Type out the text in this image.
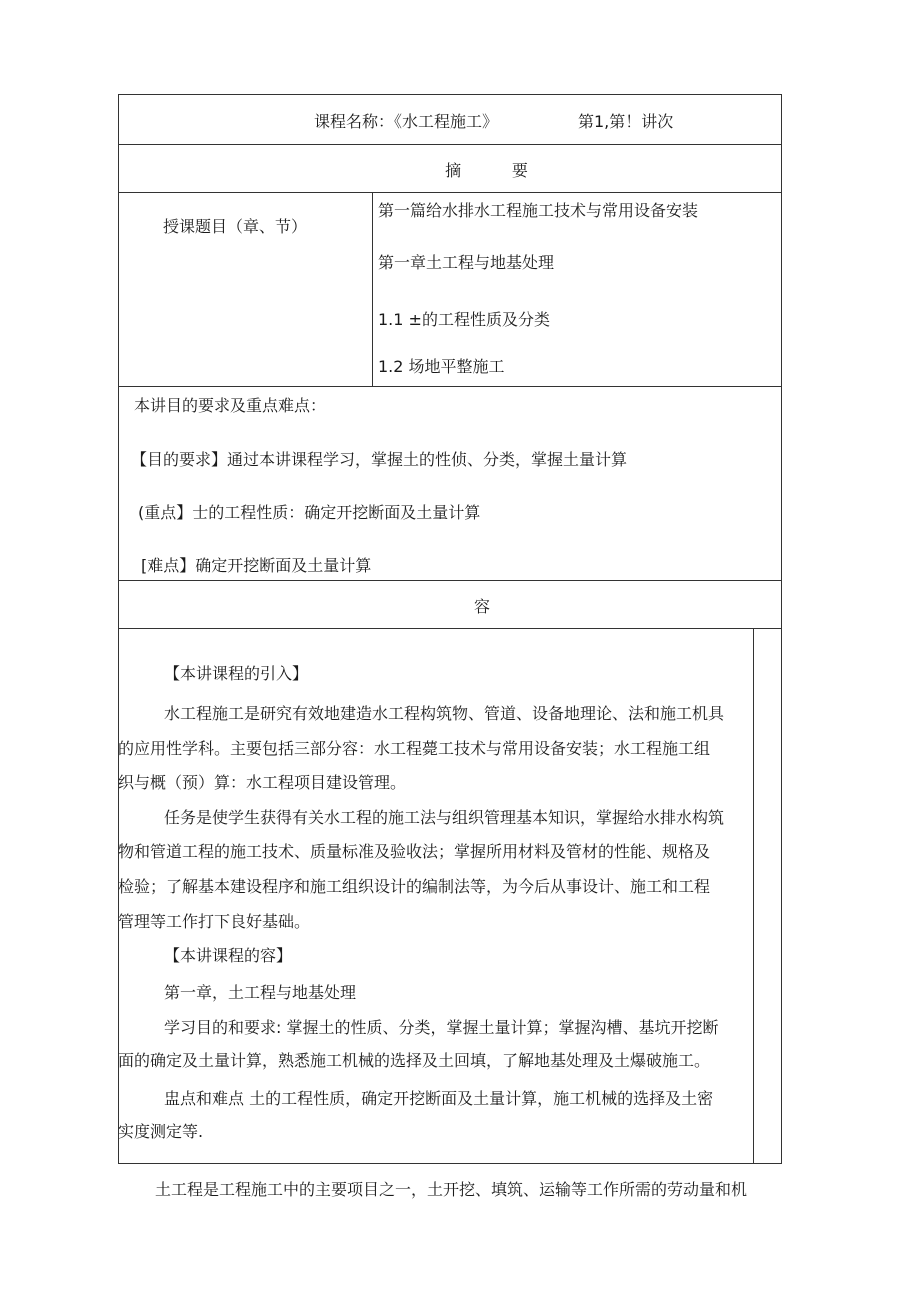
课程名称：《水工程施工》	第1,第！讲次
摘          要
授课题目（章、节）
第一篇给水排水工程施工技术与常用设备安装
第一章土工程与地基处理
1.1 ±的工程性质及分类
1.2 场地平整施工
本讲目的要求及重点难点：
【目的要求】通过本讲课程学习，掌握土的性侦、分类，掌握土量计算
(重点】士的工程性质：确定开挖断面及土量计算
[难点】确定开挖断面及土量计算
容
【本讲课程的引入】
水工程施工是研究有效地建造水工程构筑物、管道、设备地理论、法和施工机具
的应用性学科。主要包括三部分容：水工程薨工技术与常用设备安装；水工程施工组
织与概（预）算：水工程项目建设管理。
任务是使学生获得有关水工程的施工法与组织管理基本知识，掌握给水排水构筑
物和管道工程的施工技术、质量标准及验收法；掌握所用材料及管材的性能、规格及
检验；了解基本建设程序和施工组织设计的编制法等，为今后从事设计、施工和工程
管理等工作打下良好基础。
【本讲课程的容】
第一章，土工程与地基处理
学习目的和要求: 掌握土的性质、分类，掌握土量计算；掌握沟槽、基坑开挖断
面的确定及土量计算，熟悉施工机械的选择及土回填，了解地基处理及土爆破施工。
盅点和难点 土的工程性质，确定开挖断面及土量计算，施工机械的选择及土密
实度测定等.
土工程是工程施工中的主要项目之一，土开挖、填筑、运输等工作所需的劳动量和机
